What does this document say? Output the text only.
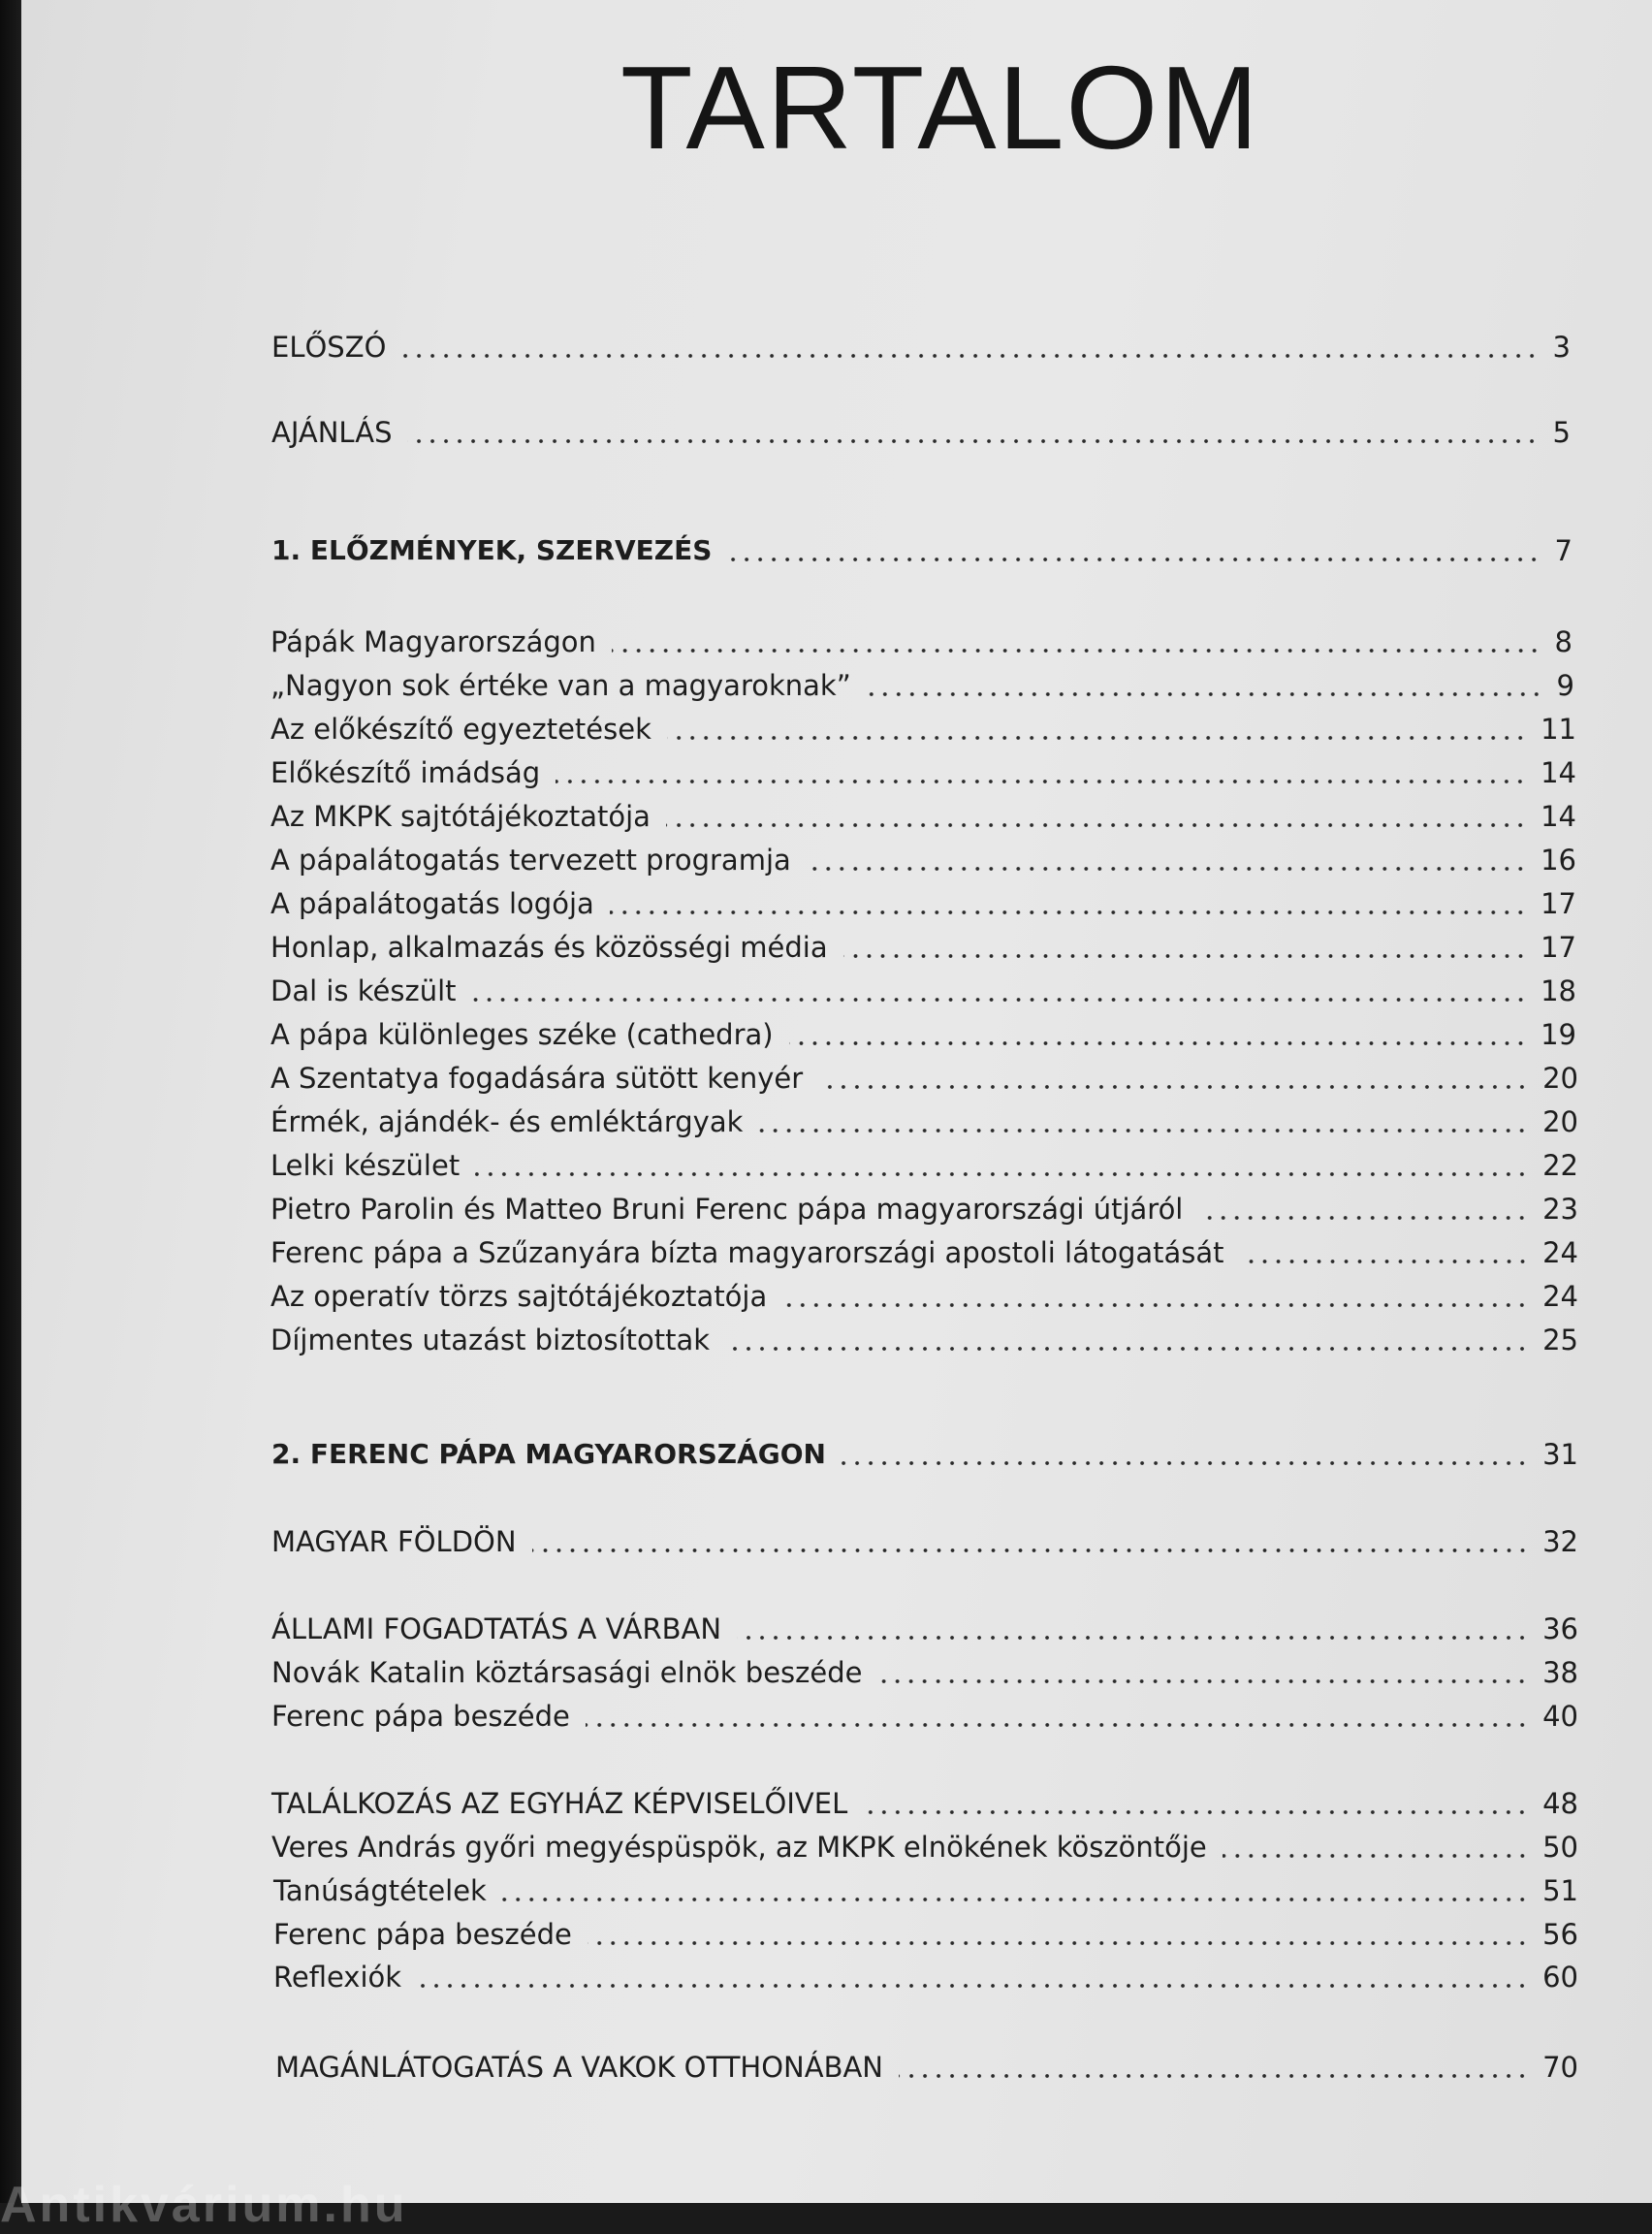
TARTALOM
ELŐSZÓ	3
AJÁNLÁS	5
1. ELŐZMÉNYEK, SZERVEZÉS	7
Pápák Magyarországon	8
„Nagyon sok értéke van a magyaroknak”	9
Az előkészítő egyeztetések	11
Előkészítő imádság	14
Az MKPK sajtótájékoztatója	14
A pápalátogatás tervezett programja	16
A pápalátogatás logója	17
Honlap, alkalmazás és közösségi média	17
Dal is készült	18
A pápa különleges széke (cathedra)	19
A Szentatya fogadására sütött kenyér	20
Érmék, ajándék- és emléktárgyak	20
Lelki készület	22
Pietro Parolin és Matteo Bruni Ferenc pápa magyarországi útjáról	23
Ferenc pápa a Szűzanyára bízta magyarországi apostoli látogatását	24
Az operatív törzs sajtótájékoztatója	24
Díjmentes utazást biztosítottak	25
2. FERENC PÁPA MAGYARORSZÁGON	31
MAGYAR FÖLDÖN	32
ÁLLAMI FOGADTATÁS A VÁRBAN	36
Novák Katalin köztársasági elnök beszéde	38
Ferenc pápa beszéde	40
TALÁLKOZÁS AZ EGYHÁZ KÉPVISELŐIVEL	48
Veres András győri megyéspüspök, az MKPK elnökének köszöntője	50
Tanúságtételek	51
Ferenc pápa beszéde	56
Reflexiók	60
MAGÁNLÁTOGATÁS A VAKOK OTTHONÁBAN	70
Antikvárium.hu
